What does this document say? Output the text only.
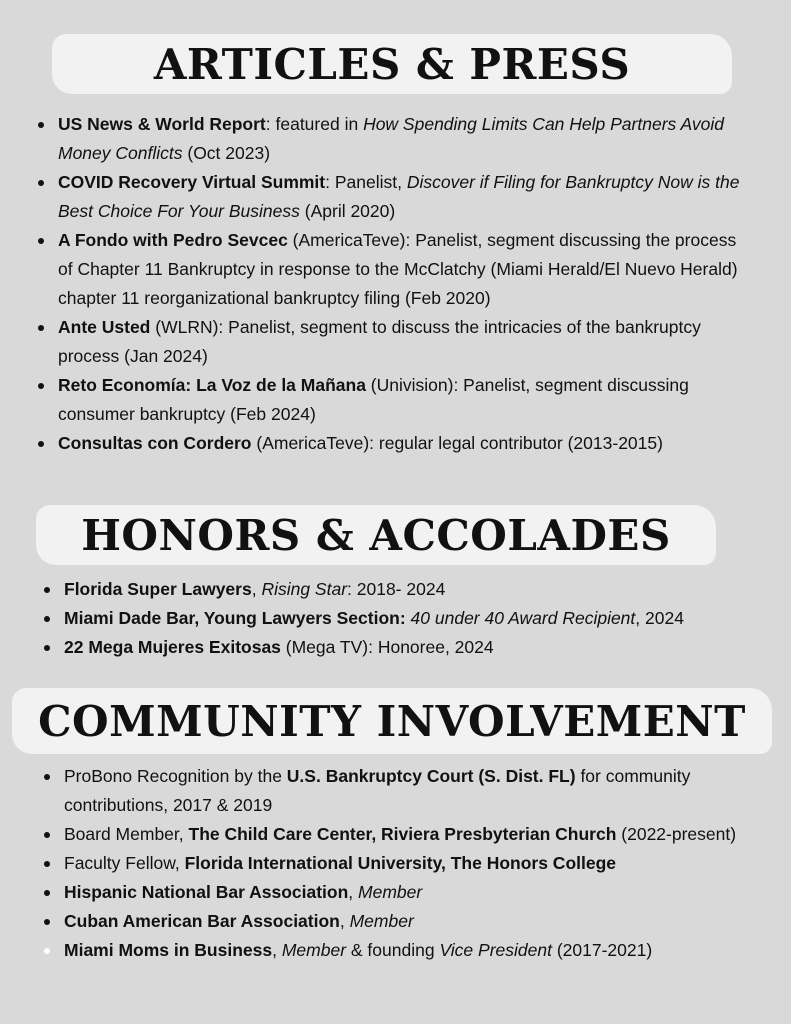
ARTICLES & PRESS
US News & World Report: featured in How Spending Limits Can Help Partners Avoid Money Conflicts (Oct 2023)
COVID Recovery Virtual Summit: Panelist, Discover if Filing for Bankruptcy Now is the Best Choice For Your Business (April 2020)
A Fondo with Pedro Sevcec (AmericaTeve): Panelist, segment discussing the process of Chapter 11 Bankruptcy in response to the McClatchy (Miami Herald/El Nuevo Herald) chapter 11 reorganizational bankruptcy filing (Feb 2020)
Ante Usted (WLRN): Panelist, segment to discuss the intricacies of the bankruptcy process (Jan 2024)
Reto Economía: La Voz de la Mañana (Univision): Panelist, segment discussing consumer bankruptcy (Feb 2024)
Consultas con Cordero (AmericaTeve): regular legal contributor (2013-2015)
HONORS & ACCOLADES
Florida Super Lawyers, Rising Star: 2018- 2024
Miami Dade Bar, Young Lawyers Section: 40 under 40 Award Recipient, 2024
22 Mega Mujeres Exitosas (Mega TV): Honoree, 2024
COMMUNITY INVOLVEMENT
ProBono Recognition by the U.S. Bankruptcy Court (S. Dist. FL) for community contributions, 2017 & 2019
Board Member, The Child Care Center, Riviera Presbyterian Church (2022-present)
Faculty Fellow, Florida International University, The Honors College
Hispanic National Bar Association, Member
Cuban American Bar Association, Member
Miami Moms in Business, Member & founding Vice President (2017-2021)
